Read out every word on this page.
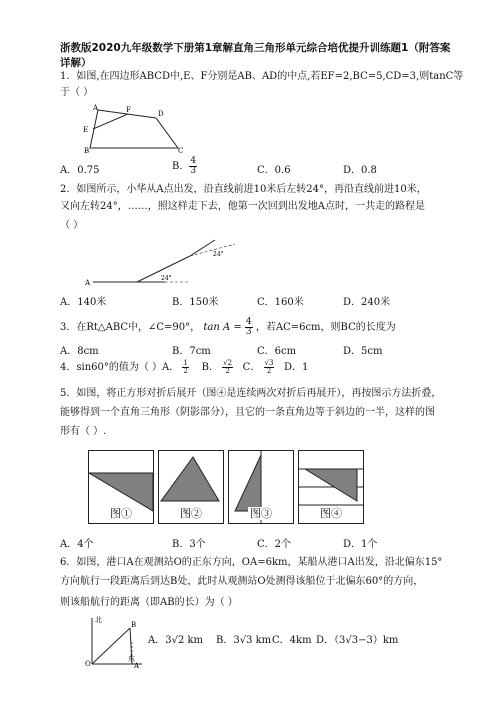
浙教版2020九年级数学下册第1章解直角三角形单元综合培优提升训练题1（附答案
详解）
1．如图,在四边形ABCD中,E、F分别是AB、AD的中点,若EF=2,BC=5,CD=3,则tanC等
于（ ）
A
D
F
E
B	C
A．0.75	B． $\frac{4}{3}$	C．0.6	D．0.8
2．如图所示，小华从A点出发，沿直线前进10米后左转24°，再沿直线前进10米，
又向左转24°，……，照这样走下去，他第一次回到出发地A点时，一共走的路程是
（ ）
A
24°
24°
A．140米	B．150米	C．160米	D．240米
3．在Rt△ABC中，∠C=90°， $\tan A = \frac{4}{3}$ ，若AC=6cm，则BC的长度为
A．8cm	B．7cm	C．6cm	D．5cm
4．sin60°的值为（ ）A． $\frac{1}{2}$ B． $\frac{√2}{2}$ C． $\frac{√3}{2}$ D．1
5．如图，将正方形对折后展开（图④是连续两次对折后再展开），再按图示方法折叠，
能够得到一个直角三角形（阴影部分），且它的一条直角边等于斜边的一半，这样的图
形有（ ）.
图①	图②	图③	图④
A．4个	B．3个	C．2个	D．1个
6．如图，港口A在观测站O的正东方向，OA=6km，某船从港口A出发，沿北偏东15°
方向航行一段距离后到达B处，此时从观测站O处测得该船位于北偏东60°的方向，
则该船航行的距离（即AB的长）为（ ）
北
东
O	A
B
A．3√2 km B．3√3 km C．4km D．（3√3−3）km
